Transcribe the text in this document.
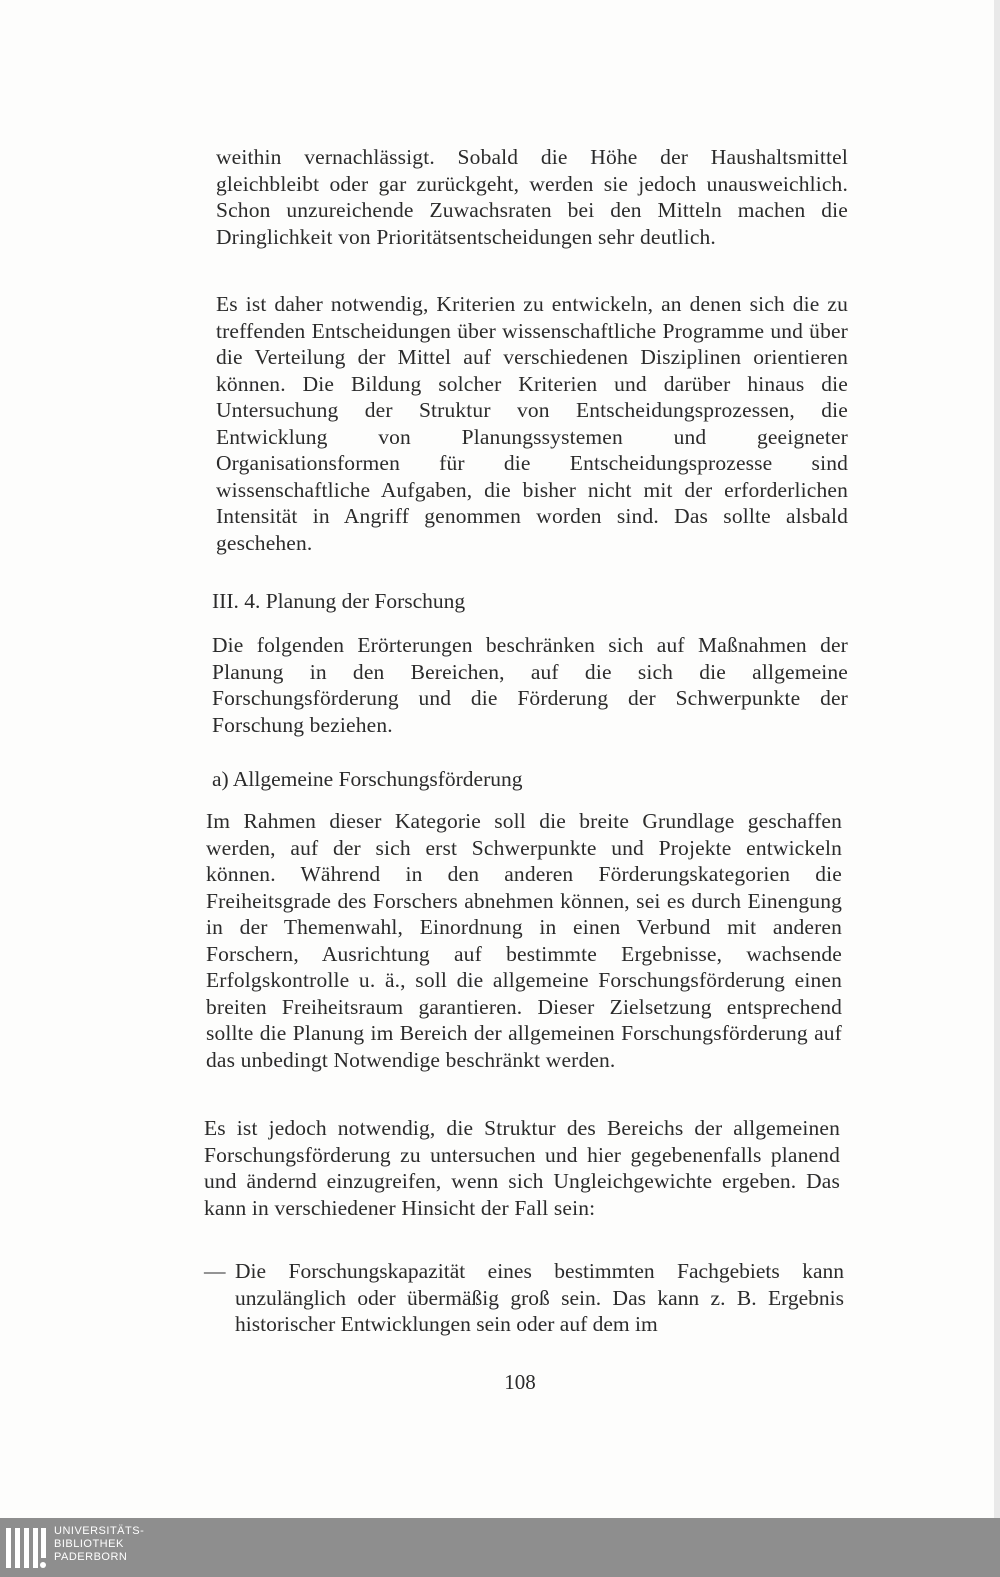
weithin vernachlässigt. Sobald die Höhe der Haushaltsmittel gleichbleibt oder gar zurückgeht, werden sie jedoch unausweichlich. Schon unzureichende Zuwachsraten bei den Mitteln machen die Dringlichkeit von Prioritätsentscheidungen sehr deutlich.

Es ist daher notwendig, Kriterien zu entwickeln, an denen sich die zu treffenden Entscheidungen über wissenschaftliche Programme und über die Verteilung der Mittel auf verschiedenen Disziplinen orientieren können. Die Bildung solcher Kriterien und darüber hinaus die Untersuchung der Struktur von Entscheidungsprozessen, die Entwicklung von Planungssystemen und geeigneter Organisationsformen für die Entscheidungsprozesse sind wissenschaftliche Aufgaben, die bisher nicht mit der erforderlichen Intensität in Angriff genommen worden sind. Das sollte alsbald geschehen.

III. 4. Planung der Forschung

Die folgenden Erörterungen beschränken sich auf Maßnahmen der Planung in den Bereichen, auf die sich die allgemeine Forschungsförderung und die Förderung der Schwerpunkte der Forschung beziehen.

a) Allgemeine Forschungsförderung

Im Rahmen dieser Kategorie soll die breite Grundlage geschaffen werden, auf der sich erst Schwerpunkte und Projekte entwickeln können. Während in den anderen Förderungskategorien die Freiheitsgrade des Forschers abnehmen können, sei es durch Einengung in der Themenwahl, Einordnung in einen Verbund mit anderen Forschern, Ausrichtung auf bestimmte Ergebnisse, wachsende Erfolgskontrolle u. ä., soll die allgemeine Forschungsförderung einen breiten Freiheitsraum garantieren. Dieser Zielsetzung entsprechend sollte die Planung im Bereich der allgemeinen Forschungsförderung auf das unbedingt Notwendige beschränkt werden.

Es ist jedoch notwendig, die Struktur des Bereichs der allgemeinen Forschungsförderung zu untersuchen und hier gegebenenfalls planend und ändernd einzugreifen, wenn sich Ungleichgewichte ergeben. Das kann in verschiedener Hinsicht der Fall sein:

— Die Forschungskapazität eines bestimmten Fachgebiets kann unzulänglich oder übermäßig groß sein. Das kann z. B. Ergebnis historischer Entwicklungen sein oder auf dem im
108
UNIVERSITÄTS-
BIBLIOTHEK
PADERBORN
